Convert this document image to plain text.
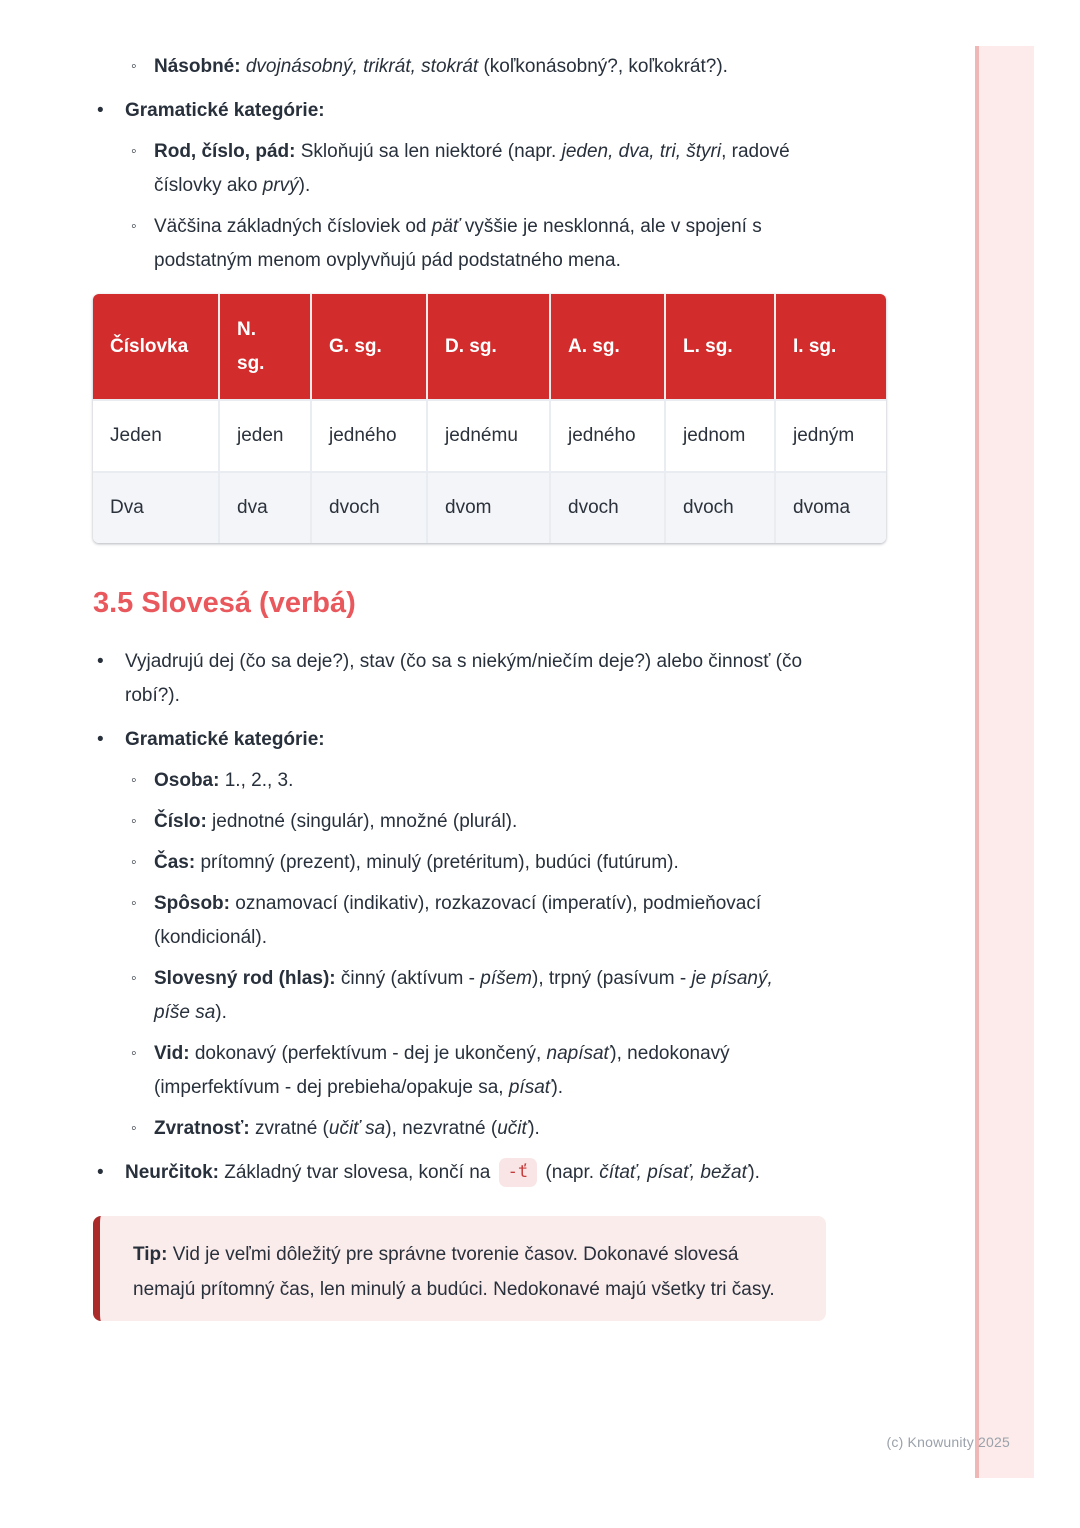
◦ Násobné: dvojnásobný, trikrát, stokrát (koľkonásobný?, koľkokrát?).
•	Gramatické kategórie:
◦ Rod, číslo, pád: Skloňujú sa len niektoré (napr. jeden, dva, tri, štyri, radové číslovky ako prvý).
◦ Väčšina základných čísloviek od päť vyššie je nesklonná, ale v spojení s podstatným menom ovplyvňujú pád podstatného mena.
Číslovka	N. sg.	G. sg.	D. sg.	A. sg.	L. sg.	I. sg.
Jeden	jeden	jedného	jednému	jedného	jednom	jedným
Dva	dva	dvoch	dvom	dvoch	dvoch	dvoma
3.5 Slovesá (verbá)
•	Vyjadrujú dej (čo sa deje?), stav (čo sa s niekým/niečím deje?) alebo činnosť (čo robí?).
•	Gramatické kategórie:
◦ Osoba: 1., 2., 3.
◦ Číslo: jednotné (singulár), množné (plurál).
◦ Čas: prítomný (prezent), minulý (pretéritum), budúci (futúrum).
◦ Spôsob: oznamovací (indikativ), rozkazovací (imperatív), podmieňovací (kondicionál).
◦ Slovesný rod (hlas): činný (aktívum - píšem), trpný (pasívum - je písaný, píše sa).
◦ Vid: dokonavý (perfektívum - dej je ukončený, napísať), nedokonavý (imperfektívum - dej prebieha/opakuje sa, písať).
◦ Zvratnosť: zvratné (učiť sa), nezvratné (učiť).
•	Neurčitok: Základný tvar slovesa, končí na -ť (napr. čítať, písať, bežať).
Tip: Vid je veľmi dôležitý pre správne tvorenie časov. Dokonavé slovesá nemajú prítomný čas, len minulý a budúci. Nedokonavé majú všetky tri časy.
(c) Knowunity 2025
